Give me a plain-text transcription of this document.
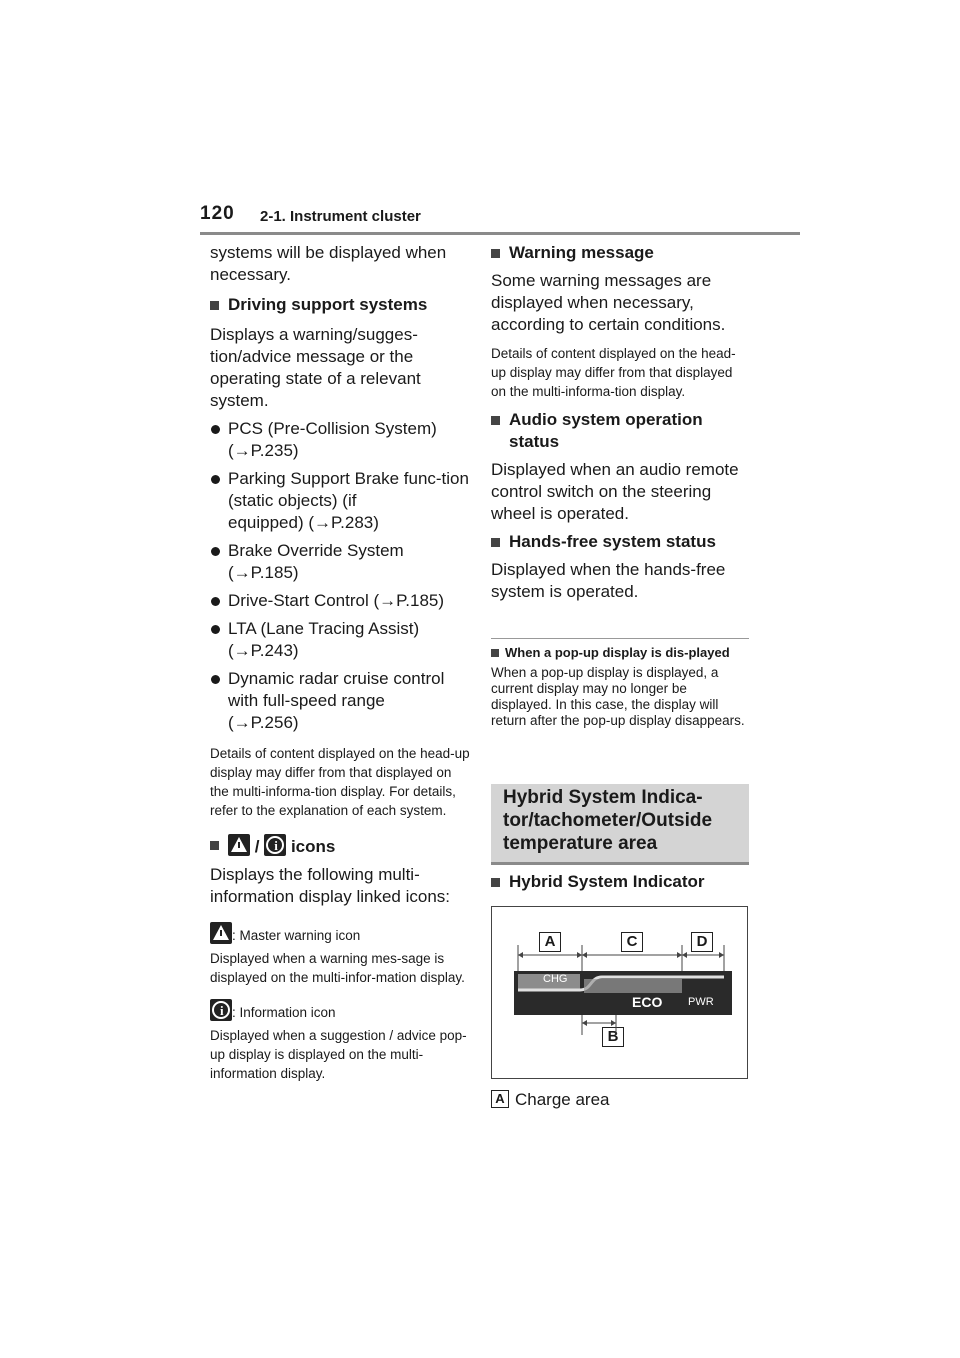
120 2-1. Instrument cluster

systems will be displayed when necessary.

Driving support systems

Displays a warning/sugges-tion/advice message or the operating state of a relevant system.

PCS (Pre-Collision System)
(→P.235)

Parking Support Brake func-tion (static objects) (if
equipped) (→P.283)

Brake Override System
(→P.185)

Drive-Start Control (→P.185)

LTA (Lane Tracing Assist)
(→P.243)

Dynamic radar cruise control with full-speed range
(→P.256)

Details of content displayed on the head-up display may differ from that displayed on the multi-informa-tion display. For details, refer to the explanation of each system.

/ i icons

Displays the following multi-information display linked icons:

: Master warning icon

Displayed when a warning mes-sage is displayed on the multi-infor-mation display.

i : Information icon

Displayed when a suggestion / advice pop-up display is displayed on the multi-information display.

Warning message

Some warning messages are displayed when necessary, according to certain conditions.

Details of content displayed on the head-up display may differ from that displayed on the multi-informa-tion display.

Audio system operation status

Displayed when an audio remote control switch on the steering wheel is operated.

Hands-free system status

Displayed when the hands-free system is operated.

When a pop-up display is dis-played

When a pop-up display is displayed, a current display may no longer be displayed. In this case, the display will return after the pop-up display disappears.

Hybrid System Indica-tor/tachometer/Outside temperature area

Hybrid System Indicator

A	C	D
B
CHG
ECO PWR
A Charge area
